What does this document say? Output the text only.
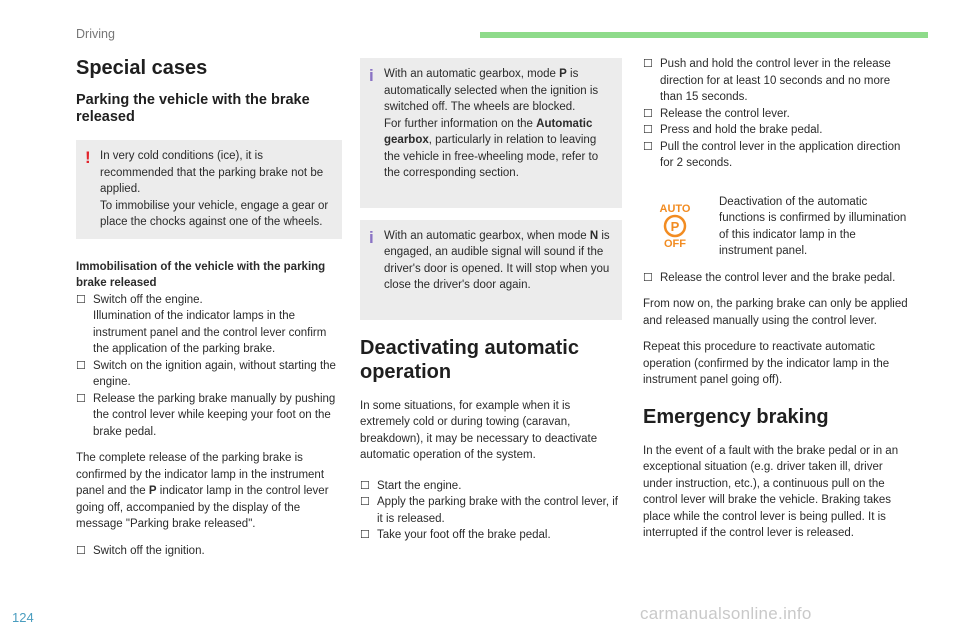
Driving
Special cases
Parking the vehicle with the brake released
! In very cold conditions (ice), it is recommended that the parking brake not be applied.

To immobilise your vehicle, engage a gear or place the chocks against one of the wheels.

Immobilisation of the vehicle with the parking brake released
☐ Switch off the engine.
Illumination of the indicator lamps in the instrument panel and the control lever confirm the application of the parking brake.
☐ Switch on the ignition again, without starting the engine.
☐ Release the parking brake manually by pushing the control lever while keeping your foot on the brake pedal.

The complete release of the parking brake is confirmed by the indicator lamp in the instrument panel and the P indicator lamp in the control lever going off, accompanied by the display of the message "Parking brake released".

☐ Switch off the ignition.
i With an automatic gearbox, mode P is automatically selected when the ignition is switched off. The wheels are blocked.

For further information on the Automatic gearbox, particularly in relation to leaving the vehicle in free-wheeling mode, refer to the corresponding section.

i With an automatic gearbox, when mode N is engaged, an audible signal will sound if the driver's door is opened. It will stop when you close the driver's door again.

Deactivating automatic operation

In some situations, for example when it is extremely cold or during towing (caravan, breakdown), it may be necessary to deactivate automatic operation of the system.

☐ Start the engine.
☐ Apply the parking brake with the control lever, if it is released.
☐ Take your foot off the brake pedal.
☐ Push and hold the control lever in the release direction for at least 10 seconds and no more than 15 seconds.
☐ Release the control lever.
☐ Press and hold the brake pedal.
☐ Pull the control lever in the application direction for 2 seconds.
AUTO
P
OFF
Deactivation of the automatic functions is confirmed by illumination of this indicator lamp in the instrument panel.
☐ Release the control lever and the brake pedal.

From now on, the parking brake can only be applied and released manually using the control lever.

Repeat this procedure to reactivate automatic operation (confirmed by the indicator lamp in the instrument panel going off).

Emergency braking

In the event of a fault with the brake pedal or in an exceptional situation (e.g. driver taken ill, driver under instruction, etc.), a continuous pull on the control lever will brake the vehicle. Braking takes place while the control lever is being pulled. It is interrupted if the control lever is released.

124	carmanualsonline.info
